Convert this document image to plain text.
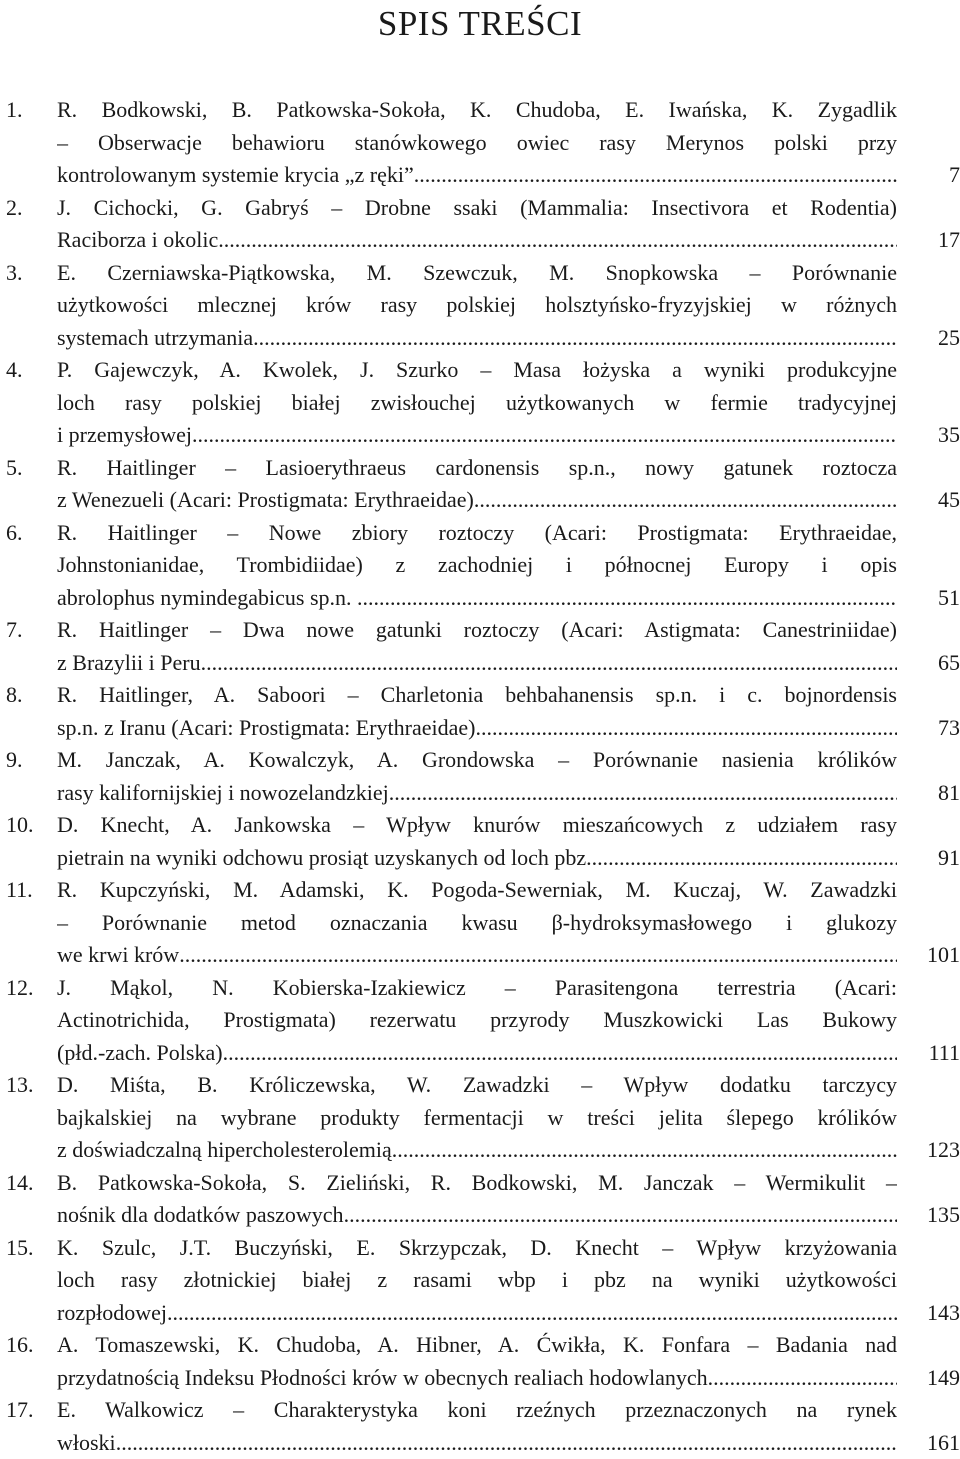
SPIS TREŚCI
1.	R. Bodkowski, B. Patkowska-Sokoła, K. Chudoba, E. Iwańska, K. Zygadlik
– Obserwacje behawioru stanówkowego owiec rasy Merynos polski przy
kontrolowanym systemie krycia „z ręki” .....	7
2.	J. Cichocki, G. Gabryś – Drobne ssaki (Mammalia: Insectivora et Rodentia)
Raciborza i okolic .....	17
3.	E. Czerniawska-Piątkowska, M. Szewczuk, M. Snopkowska – Porównanie
użytkowości mlecznej krów rasy polskiej holsztyńsko-fryzyjskiej w różnych
systemach utrzymania .....	25
4.	P. Gajewczyk, A. Kwolek, J. Szurko – Masa łożyska a wyniki produkcyjne
loch rasy polskiej białej zwisłouchej użytkowanych w fermie tradycyjnej
i przemysłowej .....	35
5.	R. Haitlinger – Lasioerythraeus cardonensis sp.n., nowy gatunek roztocza
z Wenezueli (Acari: Prostigmata: Erythraeidae) .....	45
6.	R. Haitlinger – Nowe zbiory roztoczy (Acari: Prostigmata: Erythraeidae,
Johnstonianidae, Trombidiidae) z zachodniej i północnej Europy i opis
abrolophus nymindegabicus sp.n. . .....	51
7.	R. Haitlinger – Dwa nowe gatunki roztoczy (Acari: Astigmata: Canestriniidae)
z Brazylii i Peru .....	65
8.	R. Haitlinger, A. Saboori – Charletonia behbahanensis sp.n. i c. bojnordensis
sp.n. z Iranu (Acari: Prostigmata: Erythraeidae) .....	73
9.	M. Janczak, A. Kowalczyk, A. Grondowska – Porównanie nasienia królików
rasy kalifornijskiej i nowozelandzkiej .....	81
10.	D. Knecht, A. Jankowska – Wpływ knurów mieszańcowych z udziałem rasy
pietrain na wyniki odchowu prosiąt uzyskanych od loch pbz .....	91
11.	R. Kupczyński, M. Adamski, K. Pogoda-Sewerniak, M. Kuczaj, W. Zawadzki
– Porównanie metod oznaczania kwasu β-hydroksymasłowego i glukozy
we krwi krów .....	101
12.	J. Mąkol, N. Kobierska-Izakiewicz – Parasitengona terrestria (Acari:
Actinotrichida, Prostigmata) rezerwatu przyrody Muszkowicki Las Bukowy
(płd.-zach. Polska) .....	111
13.	D. Miśta, B. Króliczewska, W. Zawadzki – Wpływ dodatku tarczycy
bajkalskiej na wybrane produkty fermentacji w treści jelita ślepego królików
z doświadczalną hipercholesterolemią .....	123
14.	B. Patkowska-Sokoła, S. Zieliński, R. Bodkowski, M. Janczak – Wermikulit –
nośnik dla dodatków paszowych .....	135
15.	K. Szulc, J.T. Buczyński, E. Skrzypczak, D. Knecht – Wpływ krzyżowania
loch rasy złotnickiej białej z rasami wbp i pbz na wyniki użytkowości
rozpłodowej .....	143
16.	A. Tomaszewski, K. Chudoba, A. Hibner, A. Ćwikła, K. Fonfara – Badania nad
przydatnością Indeksu Płodności krów w obecnych realiach hodowlanych .....	149
17.	E. Walkowicz – Charakterystyka koni rzeźnych przeznaczonych na rynek
włoski .....	161
